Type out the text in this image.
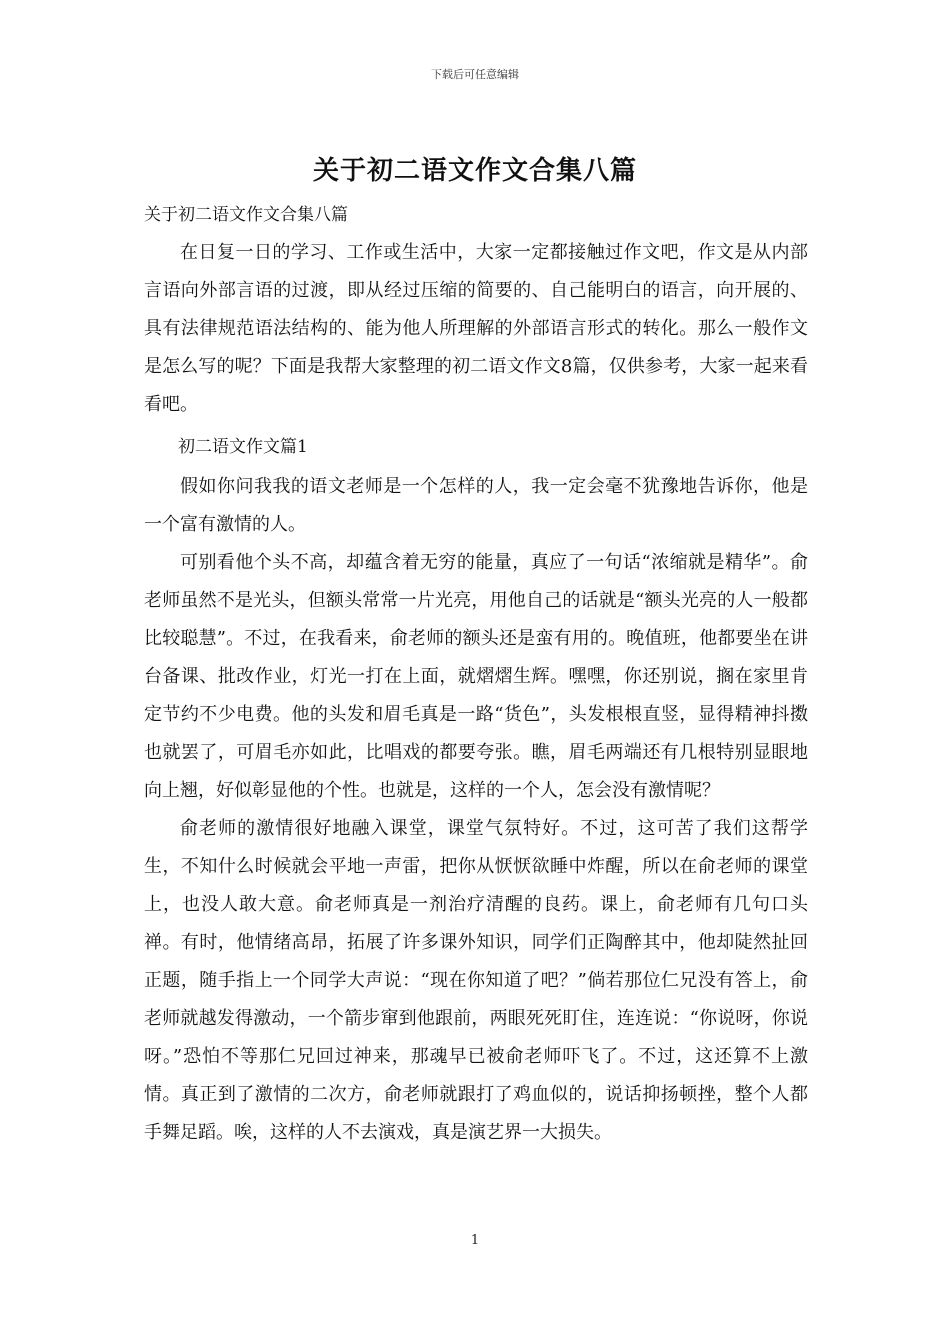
下载后可任意编辑
关于初二语文作文合集八篇

关于初二语文作文合集八篇

在日复一日的学习、工作或生活中，大家一定都接触过作文吧，作文是从内部言语向外部言语的过渡，即从经过压缩的简要的、自己能明白的语言，向开展的、具有法律规范语法结构的、能为他人所理解的外部语言形式的转化。那么一般作文是怎么写的呢？下面是我帮大家整理的初二语文作文8篇，仅供参考，大家一起来看看吧。

初二语文作文篇1

假如你问我我的语文老师是一个怎样的人，我一定会毫不犹豫地告诉你，他是一个富有激情的人。

可别看他个头不高，却蕴含着无穷的能量，真应了一句话“浓缩就是精华”。俞老师虽然不是光头，但额头常常一片光亮，用他自己的话就是“额头光亮的人一般都比较聪慧”。不过，在我看来，俞老师的额头还是蛮有用的。晚值班，他都要坐在讲台备课、批改作业，灯光一打在上面，就熠熠生辉。嘿嘿，你还别说，搁在家里肯定节约不少电费。他的头发和眉毛真是一路“货色”，头发根根直竖，显得精神抖擞也就罢了，可眉毛亦如此，比唱戏的都要夸张。瞧，眉毛两端还有几根特别显眼地向上翘，好似彰显他的个性。也就是，这样的一个人，怎会没有激情呢？

俞老师的激情很好地融入课堂，课堂气氛特好。不过，这可苦了我们这帮学生，不知什么时候就会平地一声雷，把你从恹恹欲睡中炸醒，所以在俞老师的课堂上，也没人敢大意。俞老师真是一剂治疗清醒的良药。课上，俞老师有几句口头禅。有时，他情绪高昂，拓展了许多课外知识，同学们正陶醉其中，他却陡然扯回正题，随手指上一个同学大声说：“现在你知道了吧？”倘若那位仁兄没有答上，俞老师就越发得激动，一个箭步窜到他跟前，两眼死死盯住，连连说：“你说呀，你说呀。”恐怕不等那仁兄回过神来，那魂早已被俞老师吓飞了。不过，这还算不上激情。真正到了激情的二次方，俞老师就跟打了鸡血似的，说话抑扬顿挫，整个人都手舞足蹈。唉，这样的人不去演戏，真是演艺界一大损失。

1
